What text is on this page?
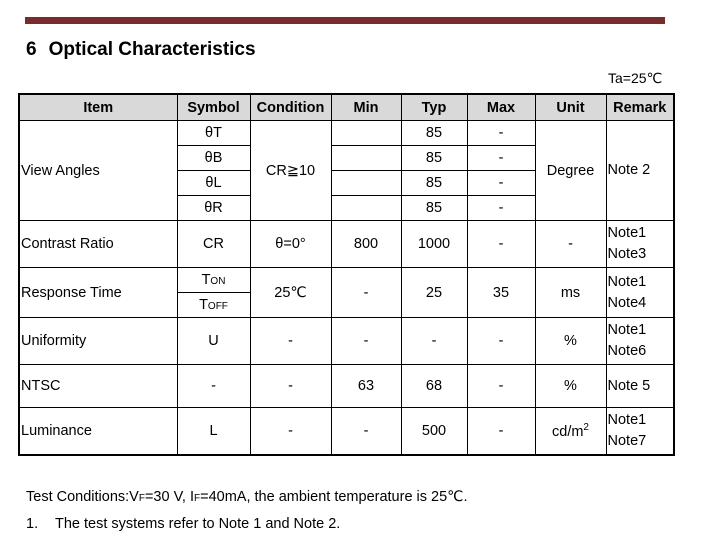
6 Optical Characteristics
Ta=25℃
Item	Symbol	Condition	Min	Typ	Max	Unit	Remark
View Angles	θT	CR≧10		85	-	Degree	Note 2
	θB			85	-		
	θL			85	-		
	θR			85	-		
Contrast Ratio	CR	θ=0°	800	1000	-	-	Note1
Note3

Response Time	TON	25℃	-	25	35	ms	Note1
Note4

	TOFF						
Uniformity	U	-	-	-	-	%	Note1
Note6

NTSC	-	-	63	68	-	%	Note 5
Luminance	L	-	-	500	-	$cd/m^2$	Note1
Note7
Test Conditions:VF=30 V, IF=40mA, the ambient temperature is 25℃.
1. The test systems refer to Note 1 and Note 2.
